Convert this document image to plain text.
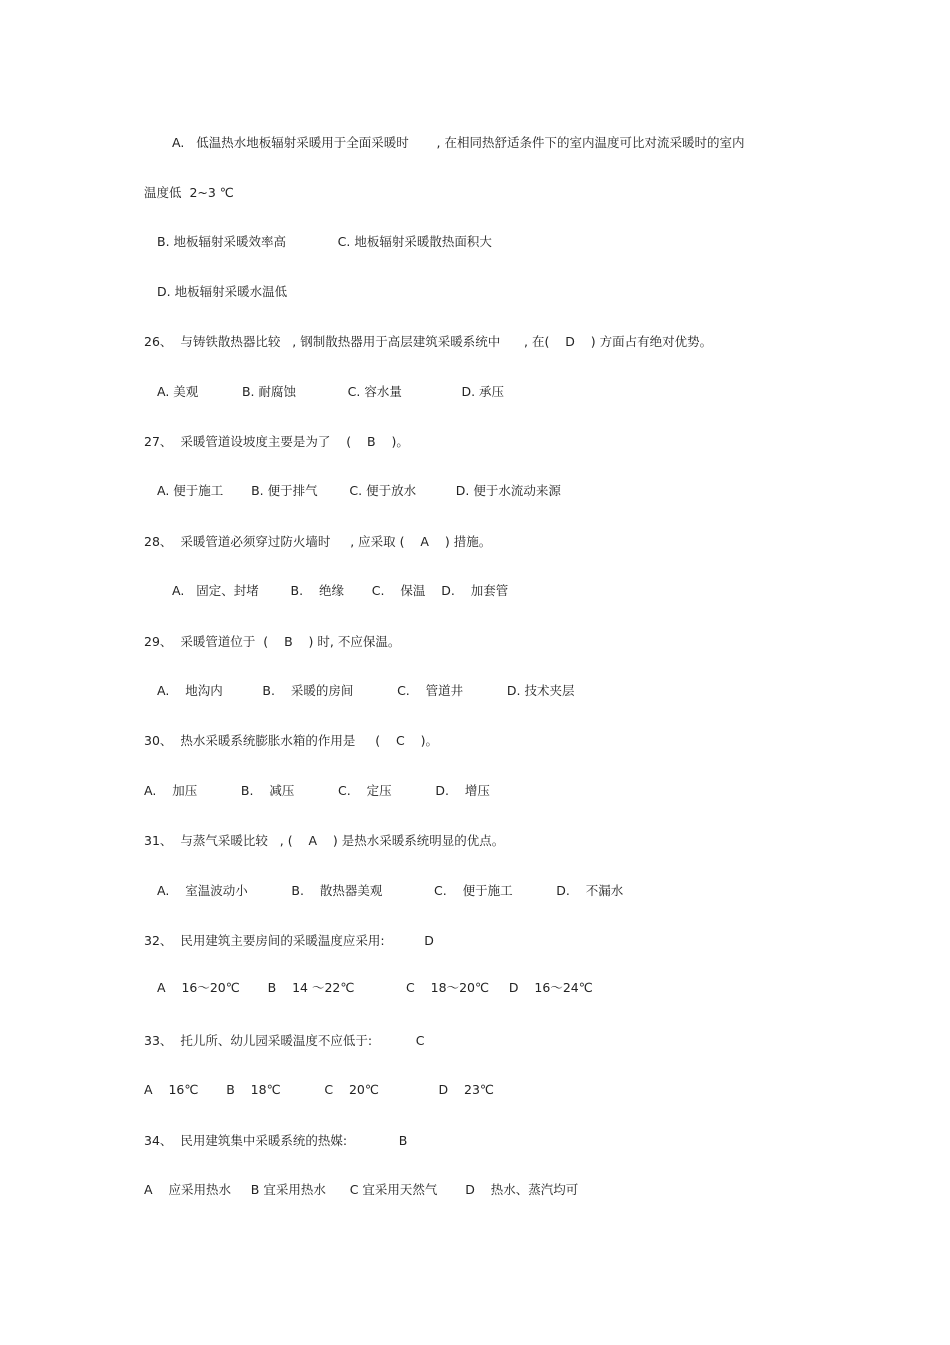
A.   低温热水地板辐射采暖用于全面采暖时       , 在相同热舒适条件下的室内温度可比对流采暖时的室内
温度低  2~3 ℃
B. 地板辐射采暖效率高             C. 地板辐射采暖散热面积大
D. 地板辐射采暖水温低
26、  与铸铁散热器比较   , 钢制散热器用于高层建筑采暖系统中      , 在(    D    ) 方面占有绝对优势。
A. 美观           B. 耐腐蚀             C. 容水量               D. 承压
27、  采暖管道设坡度主要是为了    (    B    )。
A. 便于施工       B. 便于排气        C. 便于放水          D. 便于水流动来源
28、  采暖管道必须穿过防火墙时     , 应采取 (    A    ) 措施。
A.   固定、封堵        B.    绝缘       C.    保温    D.    加套管
29、  采暖管道位于  (    B    ) 时, 不应保温。
A.    地沟内          B.    采暖的房间           C.    管道井           D. 技术夹层
30、  热水采暖系统膨胀水箱的作用是     (    C    )。
A.    加压           B.    减压           C.    定压           D.    增压
31、  与蒸气采暖比较   , (    A    ) 是热水采暖系统明显的优点。
A.    室温波动小           B.    散热器美观             C.    便于施工           D.    不漏水
32、  民用建筑主要房间的采暖温度应采用:          D
A    16～20℃       B    14 ～22℃             C    18～20℃     D    16～24℃
33、  托儿所、幼儿园采暖温度不应低于:           C
A    16℃       B    18℃           C    20℃               D    23℃
34、  民用建筑集中采暖系统的热媒:             B
A    应采用热水     B 宜采用热水      C 宜采用天然气       D    热水、蒸汽均可
